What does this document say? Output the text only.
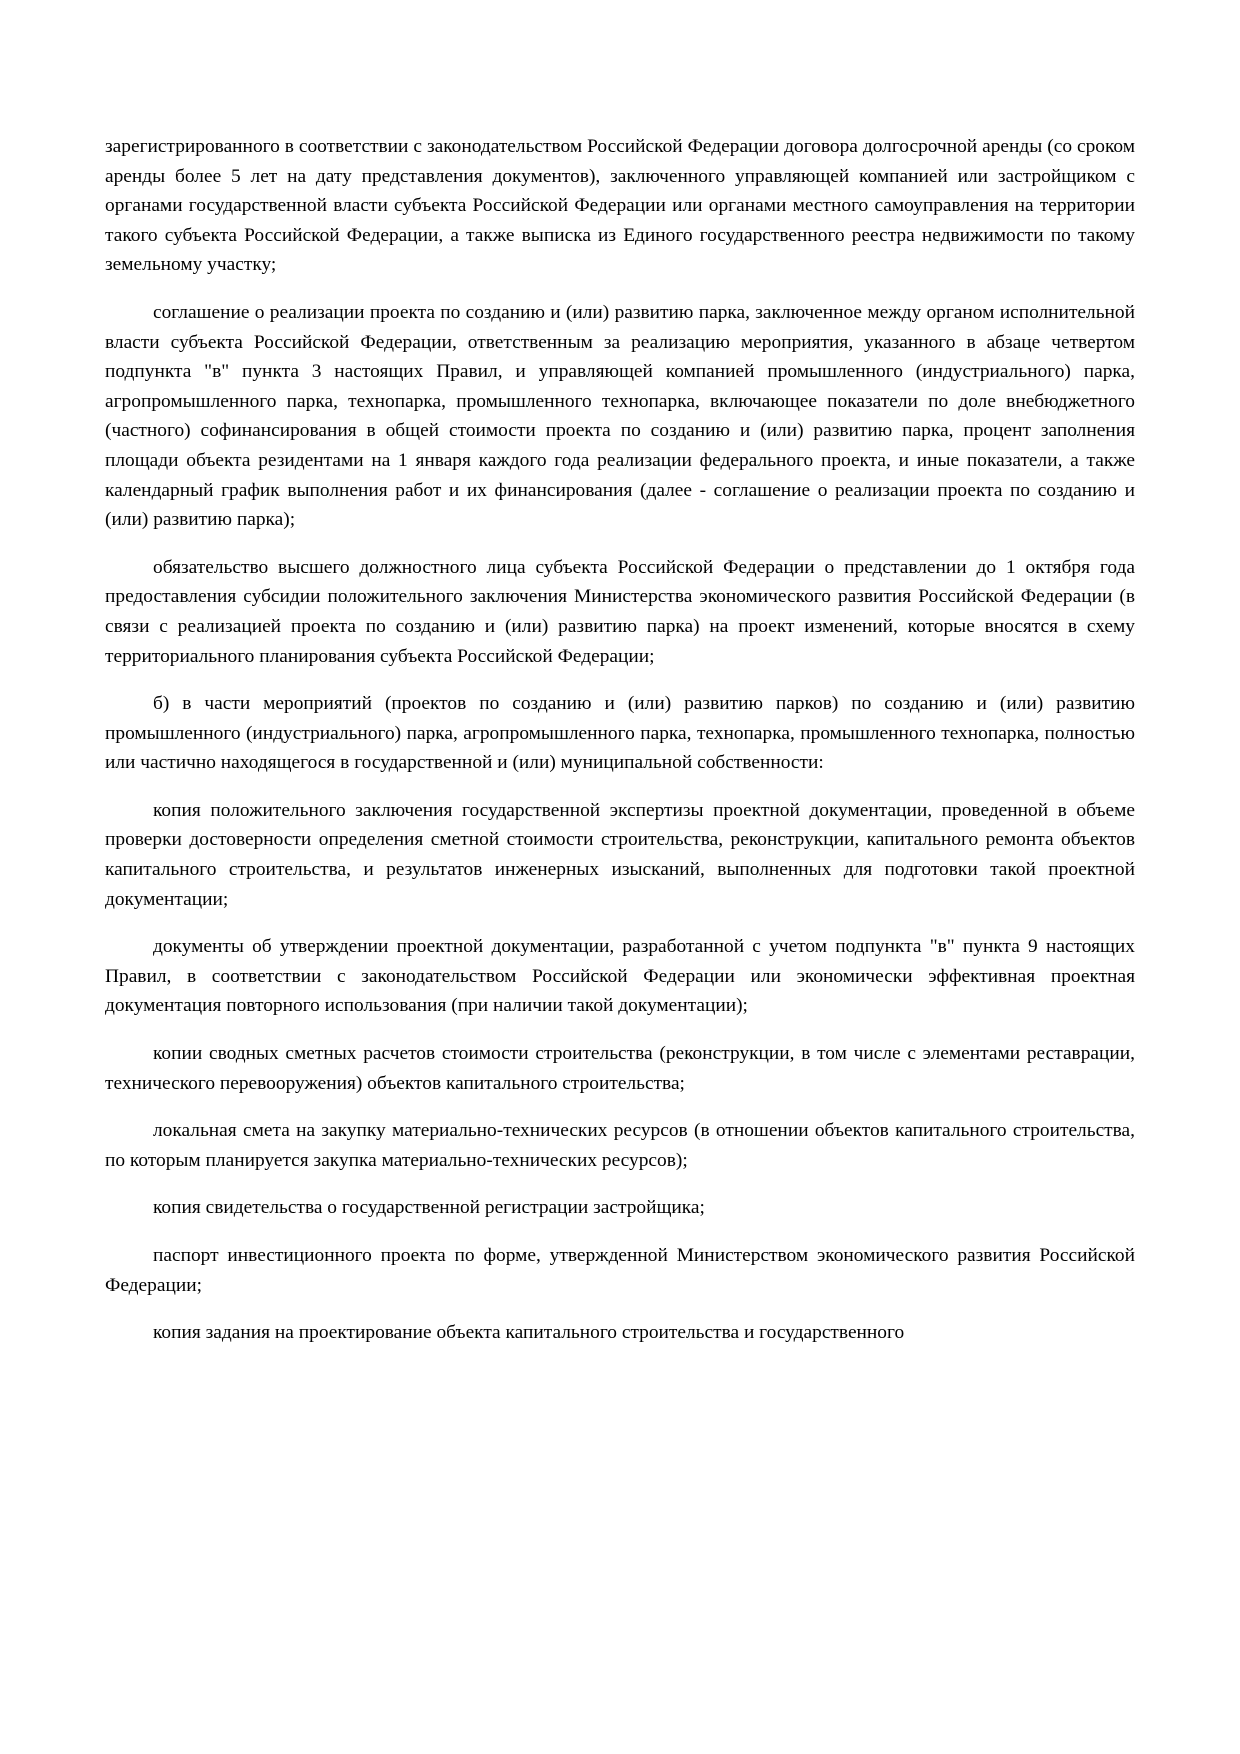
зарегистрированного в соответствии с законодательством Российской Федерации договора долгосрочной аренды (со сроком аренды более 5 лет на дату представления документов), заключенного управляющей компанией или застройщиком с органами государственной власти субъекта Российской Федерации или органами местного самоуправления на территории такого субъекта Российской Федерации, а также выписка из Единого государственного реестра недвижимости по такому земельному участку;

соглашение о реализации проекта по созданию и (или) развитию парка, заключенное между органом исполнительной власти субъекта Российской Федерации, ответственным за реализацию мероприятия, указанного в абзаце четвертом подпункта "в" пункта 3 настоящих Правил, и управляющей компанией промышленного (индустриального) парка, агропромышленного парка, технопарка, промышленного технопарка, включающее показатели по доле внебюджетного (частного) софинансирования в общей стоимости проекта по созданию и (или) развитию парка, процент заполнения площади объекта резидентами на 1 января каждого года реализации федерального проекта, и иные показатели, а также календарный график выполнения работ и их финансирования (далее - соглашение о реализации проекта по созданию и (или) развитию парка);

обязательство высшего должностного лица субъекта Российской Федерации о представлении до 1 октября года предоставления субсидии положительного заключения Министерства экономического развития Российской Федерации (в связи с реализацией проекта по созданию и (или) развитию парка) на проект изменений, которые вносятся в схему территориального планирования субъекта Российской Федерации;

б) в части мероприятий (проектов по созданию и (или) развитию парков) по созданию и (или) развитию промышленного (индустриального) парка, агропромышленного парка, технопарка, промышленного технопарка, полностью или частично находящегося в государственной и (или) муниципальной собственности:

копия положительного заключения государственной экспертизы проектной документации, проведенной в объеме проверки достоверности определения сметной стоимости строительства, реконструкции, капитального ремонта объектов капитального строительства, и результатов инженерных изысканий, выполненных для подготовки такой проектной документации;

документы об утверждении проектной документации, разработанной с учетом подпункта "в" пункта 9 настоящих Правил, в соответствии с законодательством Российской Федерации или экономически эффективная проектная документация повторного использования (при наличии такой документации);

копии сводных сметных расчетов стоимости строительства (реконструкции, в том числе с элементами реставрации, технического перевооружения) объектов капитального строительства;

локальная смета на закупку материально-технических ресурсов (в отношении объектов капитального строительства, по которым планируется закупка материально-технических ресурсов);

копия свидетельства о государственной регистрации застройщика;

паспорт инвестиционного проекта по форме, утвержденной Министерством экономического развития Российской Федерации;

копия задания на проектирование объекта капитального строительства и государственного
